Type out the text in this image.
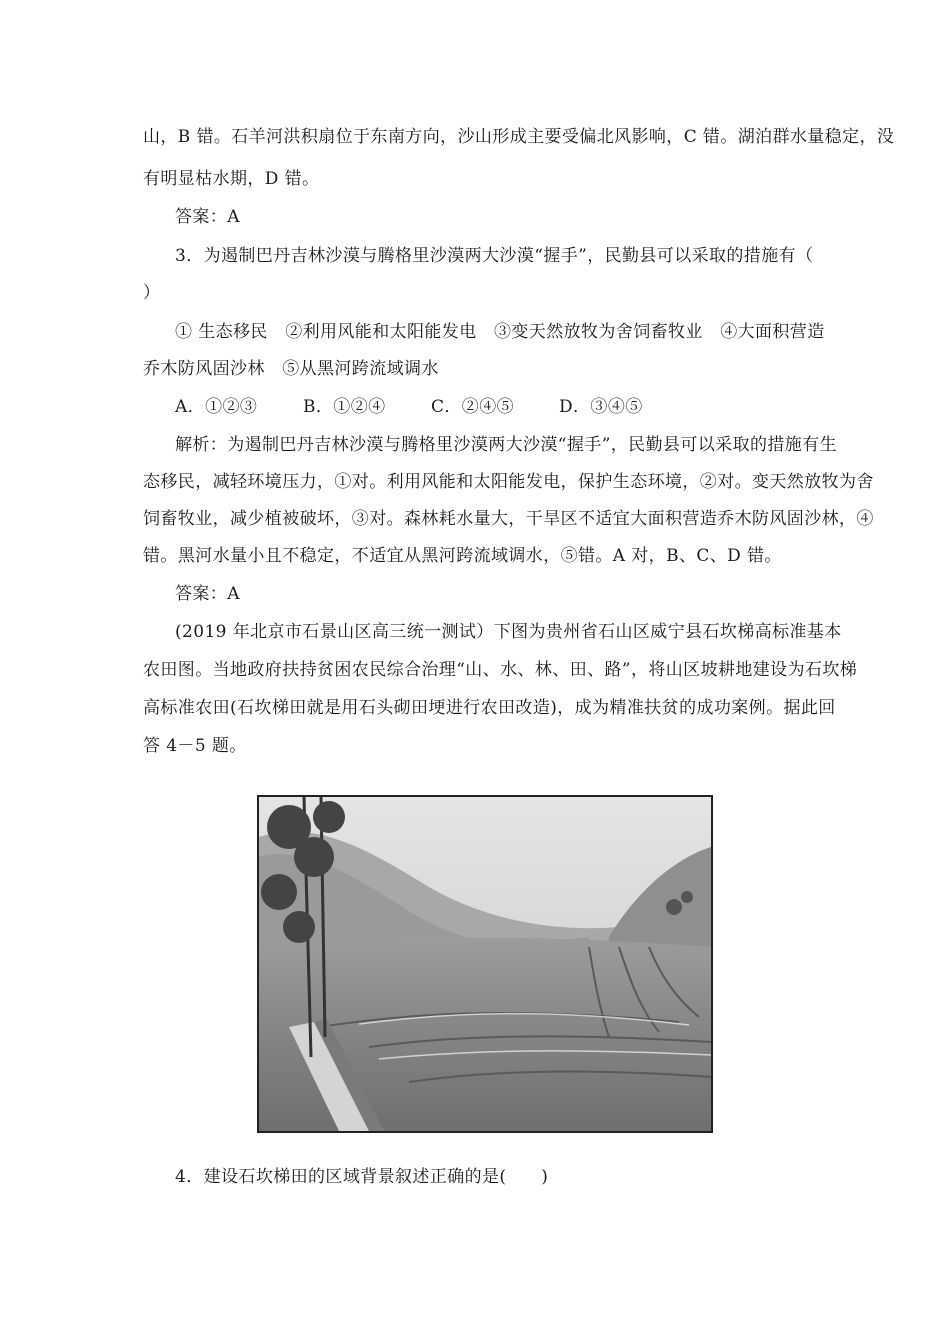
山，B 错。石羊河洪积扇位于东南方向，沙山形成主要受偏北风影响，C 错。湖泊群水量稳定，没
有明显枯水期，D 错。
答案：A
3．为遏制巴丹吉林沙漠与腾格里沙漠两大沙漠“握手”，民勤县可以采取的措施有（
）
① 生态移民　②利用风能和太阳能发电　③变天然放牧为舍饲畜牧业　④大面积营造
乔木防风固沙林　⑤从黑河跨流域调水
A．①②③	B．①②④	C．②④⑤	D．③④⑤
解析：为遏制巴丹吉林沙漠与腾格里沙漠两大沙漠“握手”，民勤县可以采取的措施有生
态移民，减轻环境压力，①对。利用风能和太阳能发电，保护生态环境，②对。变天然放牧为舍
饲畜牧业，减少植被破坏，③对。森林耗水量大，干旱区不适宜大面积营造乔木防风固沙林，④
错。黑河水量小且不稳定，不适宜从黑河跨流域调水，⑤错。A 对，B、C、D 错。
答案：A
(2019 年北京市石景山区高三统一测试）下图为贵州省石山区威宁县石坎梯高标准基本
农田图。当地政府扶持贫困农民综合治理“山、水、林、田、路”，将山区坡耕地建设为石坎梯
高标准农田(石坎梯田就是用石头砌田埂进行农田改造)，成为精准扶贫的成功案例。据此回
答 4－5 题。
4．建设石坎梯田的区域背景叙述正确的是(　　)
